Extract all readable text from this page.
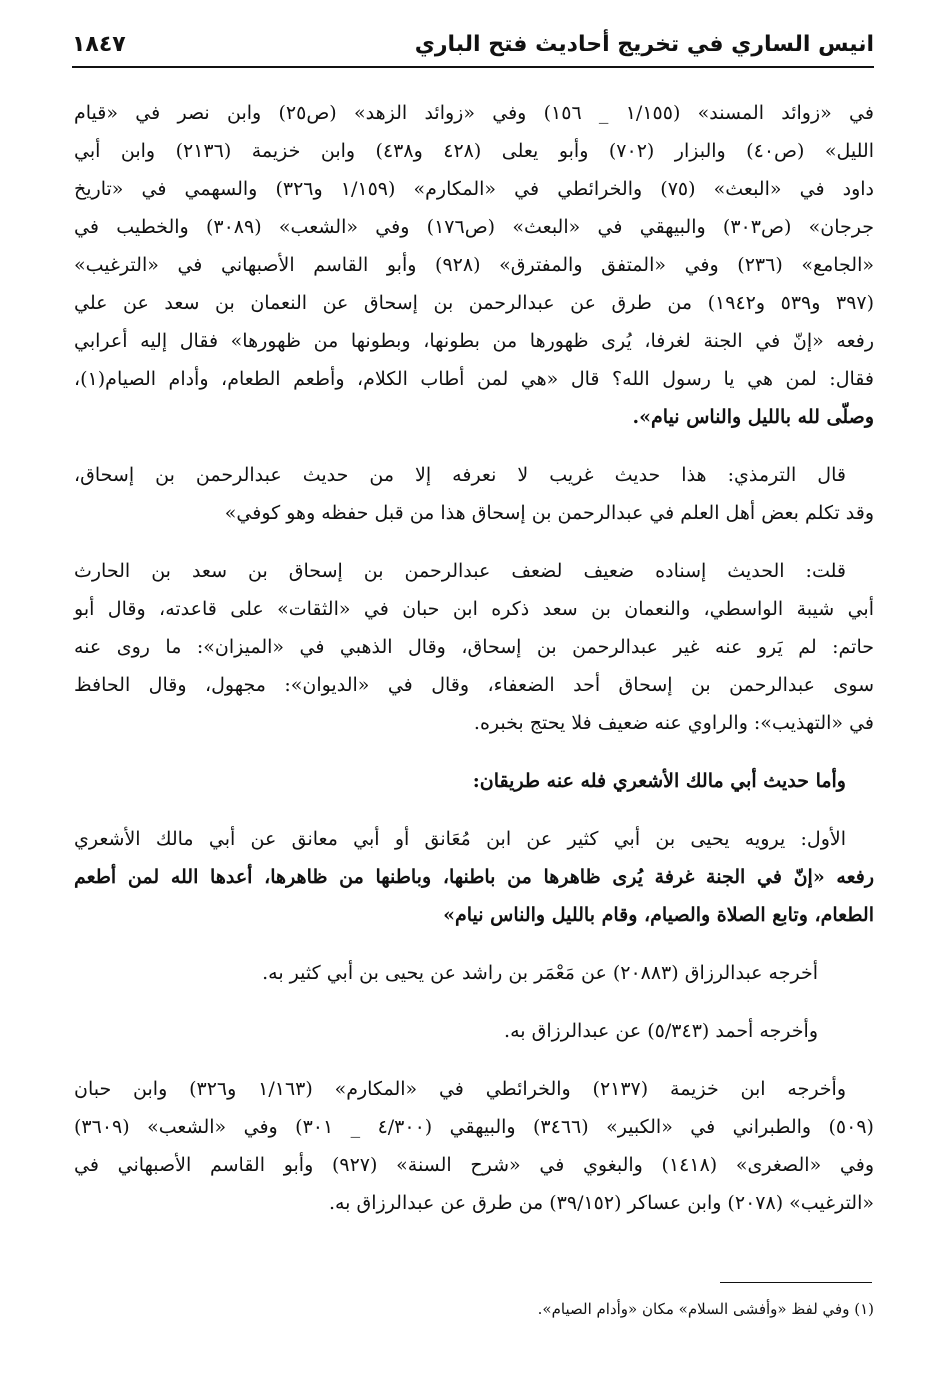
انيس الساري في تخريج أحاديث فتح الباري
١٨٤٧
في «زوائد المسند» (١/١٥٥ _ ١٥٦) وفي «زوائد الزهد» (ص٢٥) وابن نصر في «قيام
الليل» (ص٤٠) والبزار (٧٠٢) وأبو يعلى (٤٢٨ و٤٣٨) وابن خزيمة (٢١٣٦) وابن أبي
داود في «البعث» (٧٥) والخرائطي في «المكارم» (١/١٥٩ و٣٢٦) والسهمي في «تاريخ
جرجان» (ص٣٠٣) والبيهقي في «البعث» (ص١٧٦) وفي «الشعب» (٣٠٨٩) والخطيب في
«الجامع» (٢٣٦) وفي «المتفق والمفترق» (٩٢٨) وأبو القاسم الأصبهاني في «الترغيب»
(٣٩٧ و٥٣٩ و١٩٤٢) من طرق عن عبدالرحمن بن إسحاق عن النعمان بن سعد عن علي
رفعه «إنّ في الجنة لغرفا، يُرى ظهورها من بطونها، وبطونها من ظهورها» فقال إليه أعرابي
فقال: لمن هي يا رسول الله؟ قال «هي لمن أطاب الكلام، وأطعم الطعام، وأدام الصيام(١)،
وصلّى لله بالليل والناس نيام».
قال الترمذي: هذا حديث غريب لا نعرفه إلا من حديث عبدالرحمن بن إسحاق،
وقد تكلم بعض أهل العلم في عبدالرحمن بن إسحاق هذا من قبل حفظه وهو كوفي»
قلت: الحديث إسناده ضعيف لضعف عبدالرحمن بن إسحاق بن سعد بن الحارث
أبي شيبة الواسطي، والنعمان بن سعد ذكره ابن حبان في «الثقات» على قاعدته، وقال أبو
حاتم: لم يَرو عنه غير عبدالرحمن بن إسحاق، وقال الذهبي في «الميزان»: ما روى عنه
سوى عبدالرحمن بن إسحاق أحد الضعفاء، وقال في «الديوان»: مجهول، وقال الحافظ
في «التهذيب»: والراوي عنه ضعيف فلا يحتج بخبره.
وأما حديث أبي مالك الأشعري فله عنه طريقان:
الأول: يرويه يحيى بن أبي كثير عن ابن مُعَانق أو أبي معانق عن أبي مالك الأشعري
رفعه «إنّ في الجنة غرفة يُرى ظاهرها من باطنها، وباطنها من ظاهرها، أعدها الله لمن أطعم
الطعام، وتابع الصلاة والصيام، وقام بالليل والناس نيام»
أخرجه عبدالرزاق (٢٠٨٨٣) عن مَعْمَر بن راشد عن يحيى بن أبي كثير به.
وأخرجه أحمد (٥/٣٤٣) عن عبدالرزاق به.
وأخرجه ابن خزيمة (٢١٣٧) والخرائطي في «المكارم» (١/١٦٣ و٣٢٦) وابن حبان
(٥٠٩) والطبراني في «الكبير» (٣٤٦٦) والبيهقي (٤/٣٠٠ _ ٣٠١) وفي «الشعب» (٣٦٠٩)
وفي «الصغرى» (١٤١٨) والبغوي في «شرح السنة» (٩٢٧) وأبو القاسم الأصبهاني في
«الترغيب» (٢٠٧٨) وابن عساكر (٣٩/١٥٢) من طرق عن عبدالرزاق به.
(١) وفي لفظ «وأفشى السلام» مكان «وأدام الصيام».
